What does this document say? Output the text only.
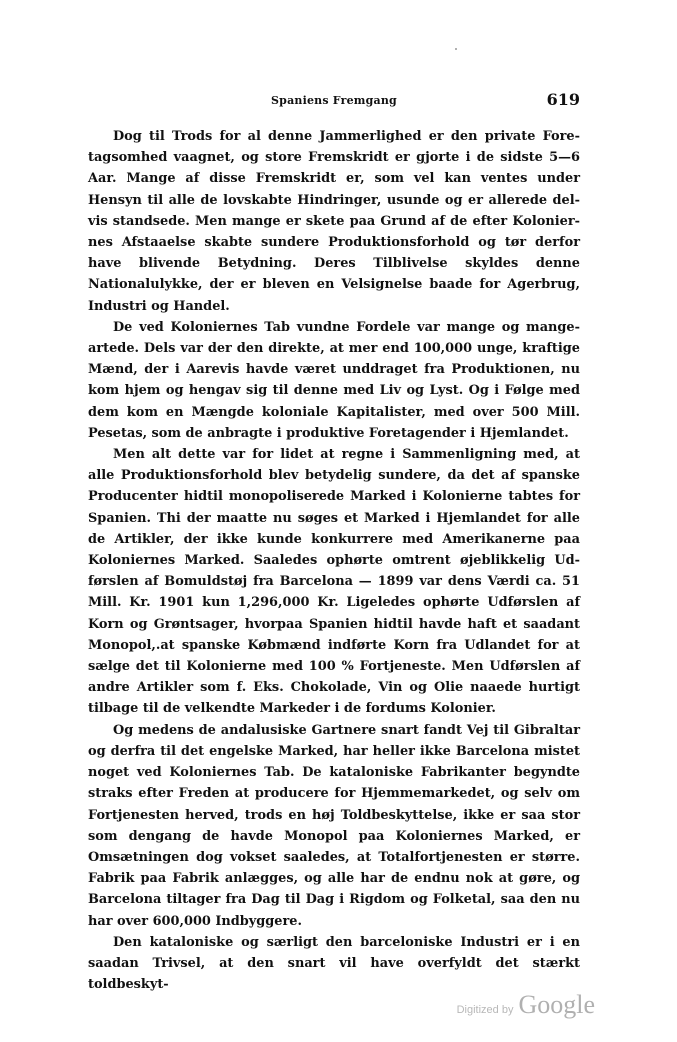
Spaniens Fremgang	619

Dog til Trods for al denne Jammerlighed er den private Foretagsomhed vaagnet, og store Fremskridt er gjorte i de sidste 5—6 Aar. Mange af disse Fremskridt er, som vel kan ventes under Hensyn til alle de lovskabte Hindringer, usunde og er allerede delvis standsede. Men mange er skete paa Grund af de efter Koloniernes Afstaaelse skabte sundere Produktionsforhold og tør derfor have blivende Betydning. Deres Tilblivelse skyldes denne Nationalulykke, der er bleven en Velsignelse baade for Agerbrug, Industri og Handel.

De ved Koloniernes Tab vundne Fordele var mange og mangeartede. Dels var der den direkte, at mer end 100,000 unge, kraftige Mænd, der i Aarevis havde været unddraget fra Produktionen, nu kom hjem og hengav sig til denne med Liv og Lyst. Og i Følge med dem kom en Mængde koloniale Kapitalister, med over 500 Mill. Pesetas, som de anbragte i produktive Foretagender i Hjemlandet.

Men alt dette var for lidet at regne i Sammenligning med, at alle Produktionsforhold blev betydelig sundere, da det af spanske Producenter hidtil monopoliserede Marked i Kolonierne tabtes for Spanien. Thi der maatte nu søges et Marked i Hjemlandet for alle de Artikler, der ikke kunde konkurrere med Amerikanerne paa Koloniernes Marked. Saaledes ophørte omtrent øjeblikkelig Udførslen af Bomuldstøj fra Barcelona — 1899 var dens Værdi ca. 51 Mill. Kr. 1901 kun 1,296,000 Kr. Ligeledes ophørte Udførslen af Korn og Grøntsager, hvorpaa Spanien hidtil havde haft et saadant Monopol,.at spanske Købmænd indførte Korn fra Udlandet for at sælge det til Kolonierne med 100 % Fortjeneste. Men Udførslen af andre Artikler som f. Eks. Chokolade, Vin og Olie naaede hurtigt tilbage til de velkendte Markeder i de fordums Kolonier.

Og medens de andalusiske Gartnere snart fandt Vej til Gibraltar og derfra til det engelske Marked, har heller ikke Barcelona mistet noget ved Koloniernes Tab. De kataloniske Fabrikanter begyndte straks efter Freden at producere for Hjemmemarkedet, og selv om Fortjenesten herved, trods en høj Toldbeskyttelse, ikke er saa stor som dengang de havde Monopol paa Koloniernes Marked, er Omsætningen dog vokset saaledes, at Totalfortjenesten er større. Fabrik paa Fabrik anlægges, og alle har de endnu nok at gøre, og Barcelona tiltager fra Dag til Dag i Rigdom og Folketal, saa den nu har over 600,000 Indbyggere.

Den kataloniske og særligt den barceloniske Industri er i en saadan Trivsel, at den snart vil have overfyldt det stærkt toldbeskyt-

Digitized by Google
